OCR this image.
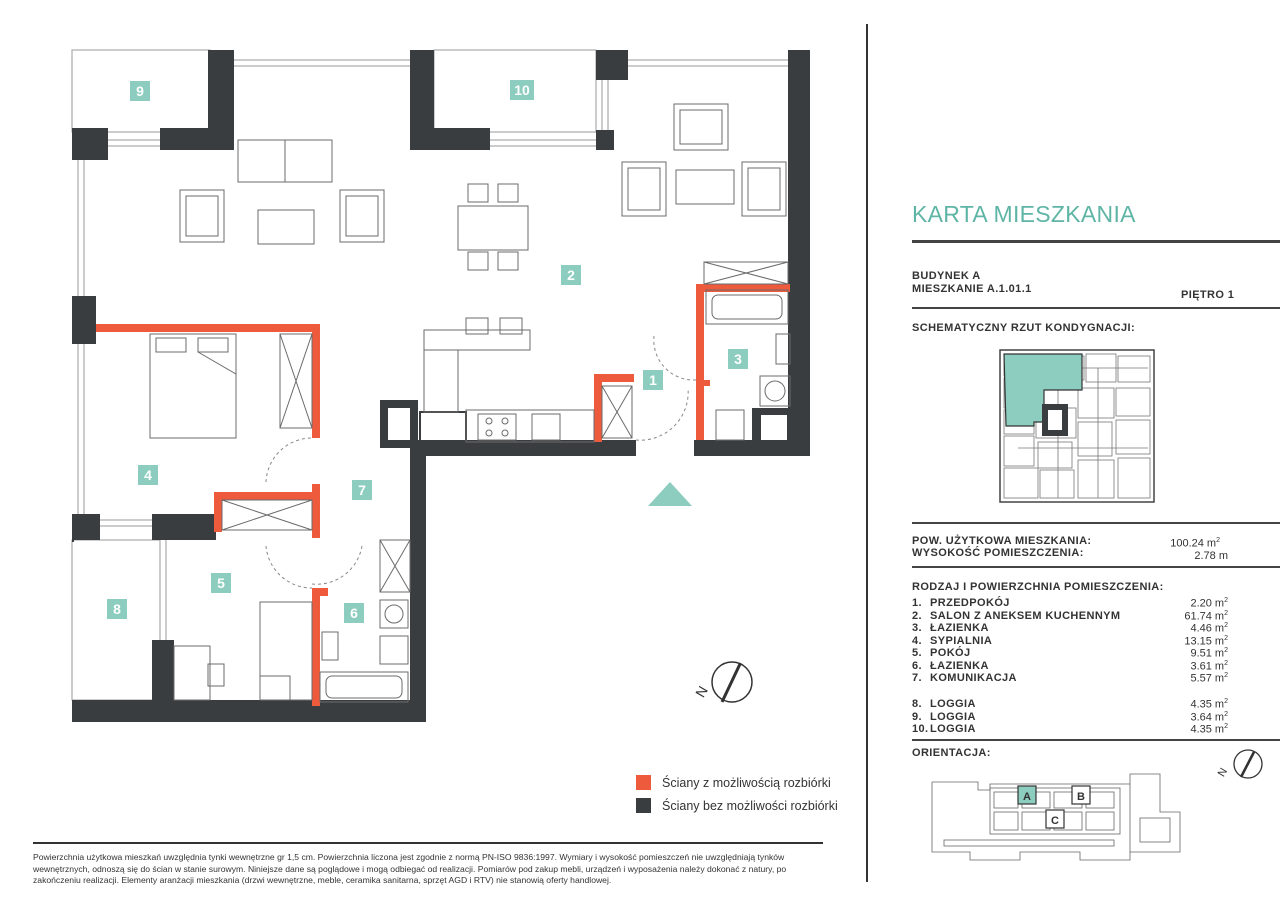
N
1
2
3
4
5
6
7
8
9	10
Ściany z możliwością rozbiórki
Ściany bez możliwości rozbiórki
Powierzchnia użytkowa mieszkań uwzględnia tynki wewnętrzne gr 1,5 cm. Powierzchnia liczona jest zgodnie z normą PN-ISO 9836:1997. Wymiary i wysokość pomieszczeń nie uwzględniają tynków wewnętrznych, odnoszą się do ścian w stanie surowym. Niniejsze dane są poglądowe i mogą odbiegać od realizacji. Pomiarów pod zakup mebli, urządzeń i wyposażenia należy dokonać z natury, po zakończeniu realizacji. Elementy aranżacji mieszkania (drzwi wewnętrzne, meble, ceramika sanitarna, sprzęt AGD i RTV) nie stanowią oferty handlowej.
KARTA MIESZKANIA
BUDYNEK A
MIESZKANIE A.1.01.1	PIĘTRO 1
SCHEMATYCZNY RZUT KONDYGNACJI:
POW. UŻYTKOWA MIESZKANIA:	100.24 $m^2$
WYSOKOŚĆ POMIESZCZENIA:	2.78 m
RODZAJ I POWIERZCHNIA POMIESZCZENIA:
1. PRZEDPOKÓJ	2.20 $m^2$
2. SALON Z ANEKSEM KUCHENNYM	61.74 $m^2$
3. ŁAZIENKA	4.46 $m^2$
4. SYPIALNIA	13.15 $m^2$
5. POKÓJ	9.51 $m^2$
6. ŁAZIENKA	3.61 $m^2$
7. KOMUNIKACJA	5.57 $m^2$
8. LOGGIA	4.35 $m^2$
9. LOGGIA	3.64 $m^2$
10. LOGGIA	4.35 $m^2$
ORIENTACJA:
A	B
C
N
